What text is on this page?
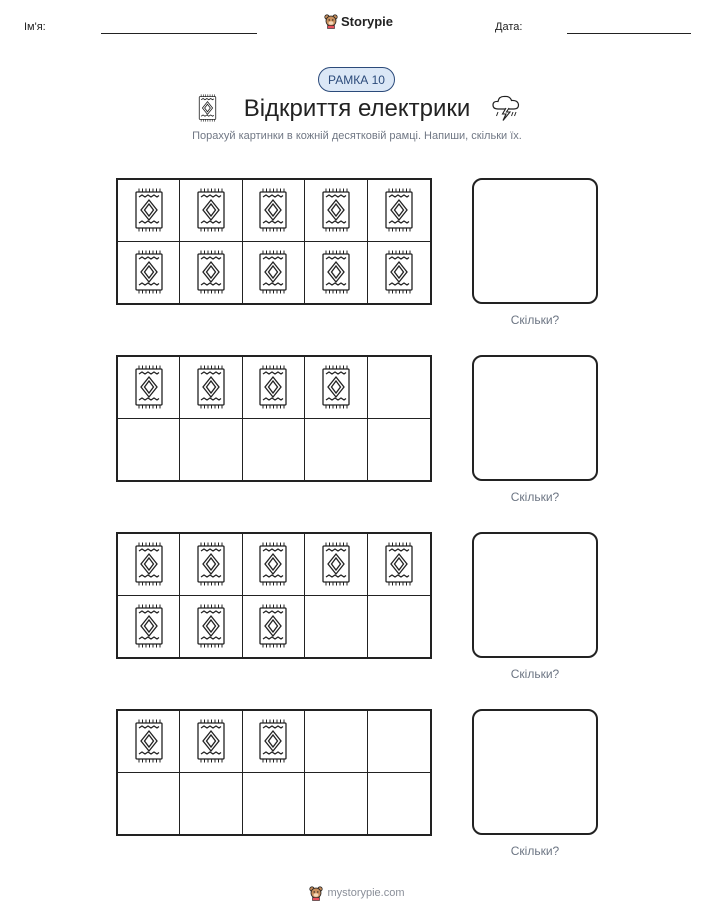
Ім'я:	Storypie	Дата:
РАМКА 10
Відкриття електрики

Порахуй картинки в кожній десятковій рамці. Напиши, скільки їх.

Скільки?
Скільки?
Скільки?
Скільки?
mystorypie.com
